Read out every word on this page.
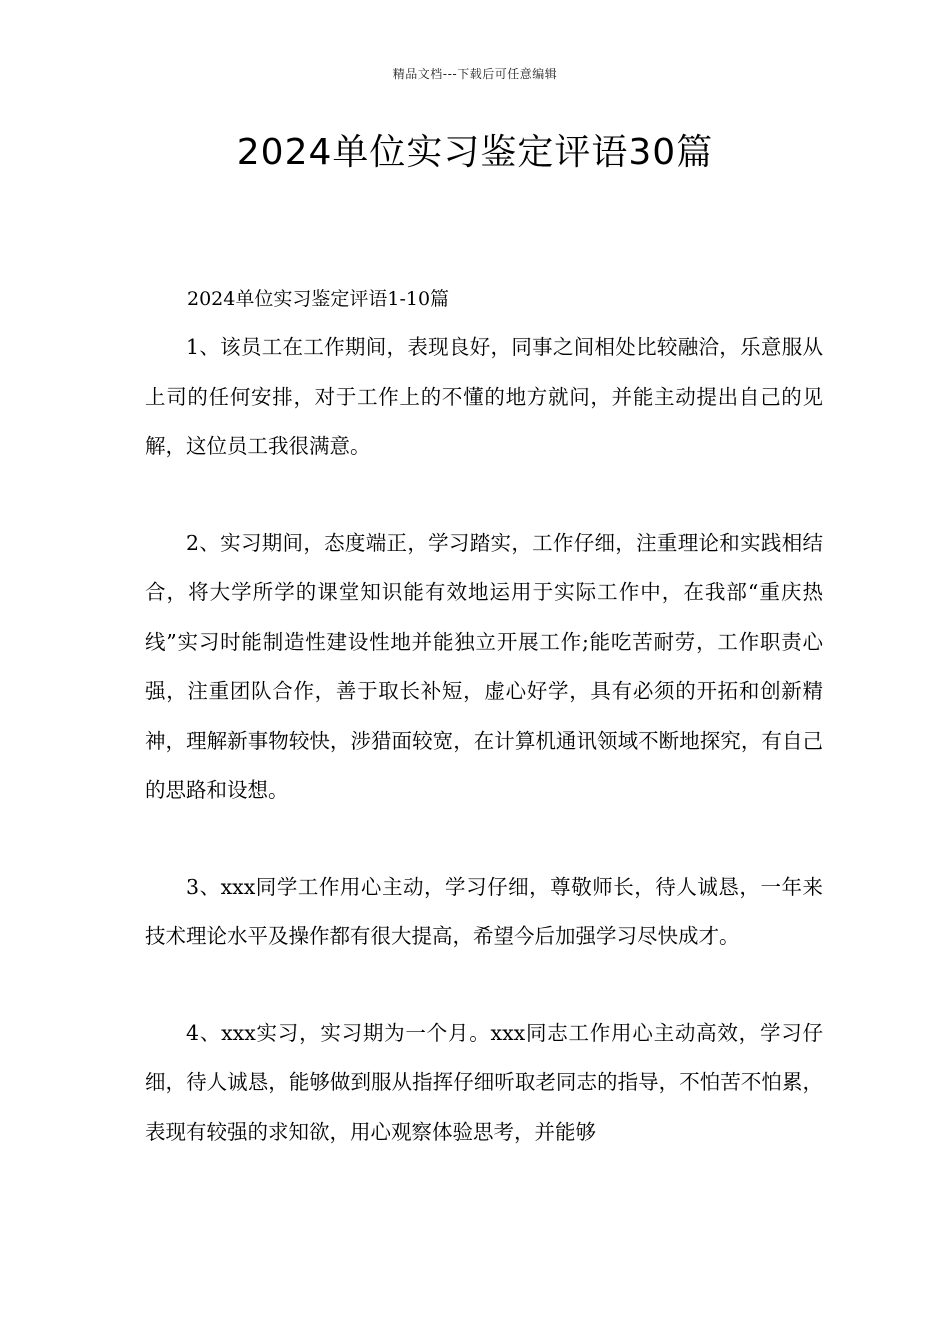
精品文档---下载后可任意编辑
2024单位实习鉴定评语30篇

2024单位实习鉴定评语1-10篇

1、该员工在工作期间，表现良好，同事之间相处比较融洽，乐意服从上司的任何安排，对于工作上的不懂的地方就问，并能主动提出自己的见解，这位员工我很满意。

2、实习期间，态度端正，学习踏实，工作仔细，注重理论和实践相结合，将大学所学的课堂知识能有效地运用于实际工作中，在我部“重庆热线”实习时能制造性建设性地并能独立开展工作;能吃苦耐劳，工作职责心强，注重团队合作，善于取长补短，虚心好学，具有必须的开拓和创新精神，理解新事物较快，涉猎面较宽，在计算机通讯领域不断地探究，有自己的思路和设想。

3、xxx同学工作用心主动，学习仔细，尊敬师长，待人诚恳，一年来技术理论水平及操作都有很大提高，希望今后加强学习尽快成才。

4、xxx实习，实习期为一个月。xxx同志工作用心主动高效，学习仔细，待人诚恳，能够做到服从指挥仔细听取老同志的指导，不怕苦不怕累，表现有较强的求知欲，用心观察体验思考，并能够
